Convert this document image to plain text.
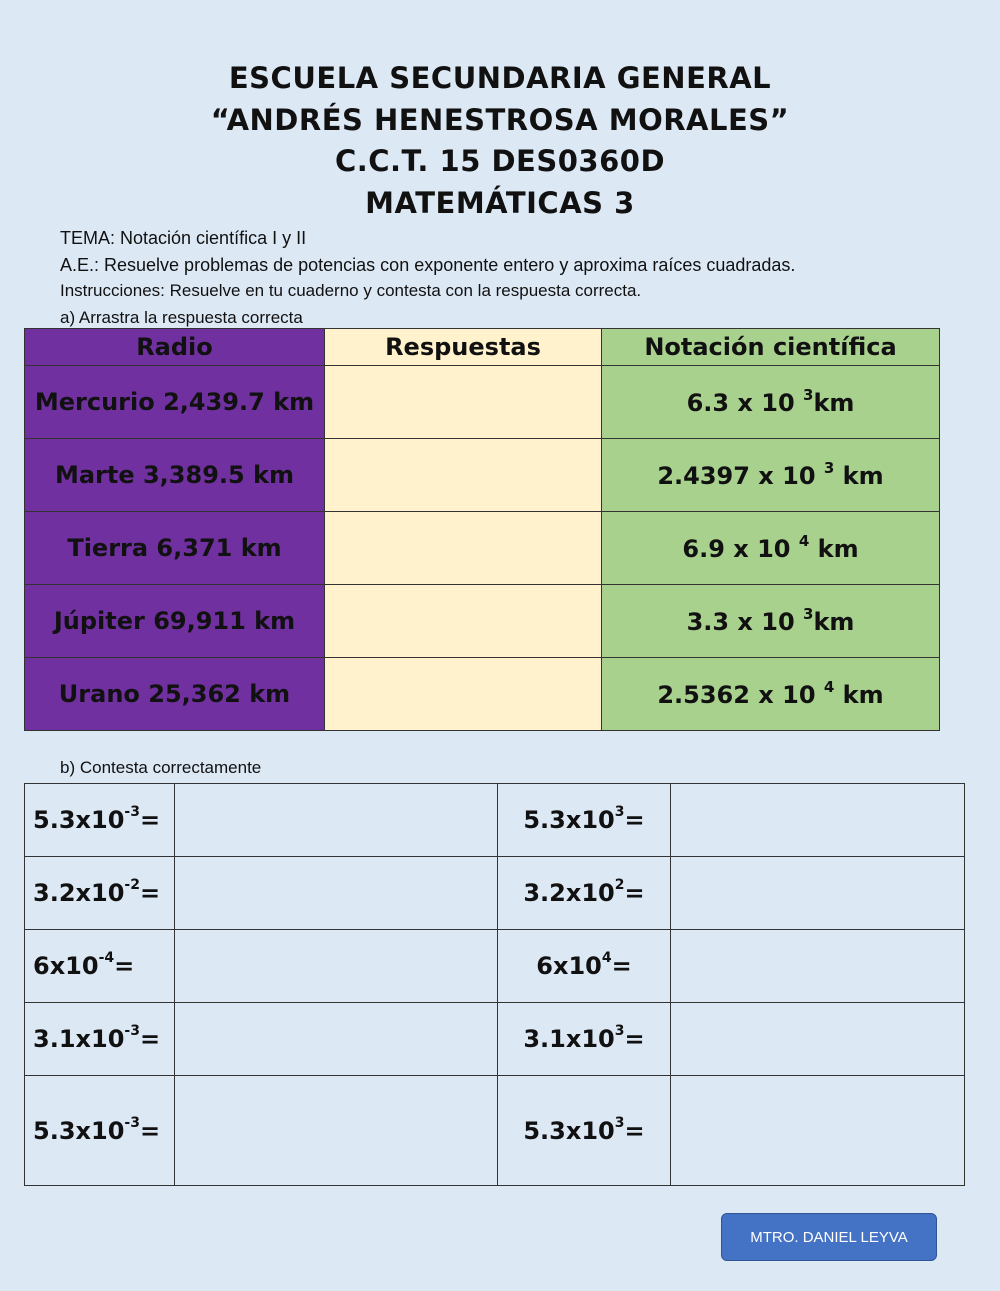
ESCUELA SECUNDARIA GENERAL
“ANDRÉS HENESTROSA MORALES”
C.C.T. 15 DES0360D
MATEMÁTICAS 3
TEMA: Notación científica I y II
A.E.: Resuelve problemas de potencias con exponente entero y aproxima raíces cuadradas.
Instrucciones: Resuelve en tu cuaderno y contesta con la respuesta correcta.
a) Arrastra la respuesta correcta
Radio	Respuestas	Notación científica
Mercurio 2,439.7 km		6.3 x 10 $^3$km
Marte 3,389.5 km		2.4397 x 10 $^3$ km
Tierra 6,371 km		6.9 x 10 $^4$ km
Júpiter 69,911 km		3.3 x 10 $^3$km
Urano 25,362 km		2.5362 x 10 $^4$ km
b) Contesta correctamente
$5.3x10^{-3}=$		$5.3x10^3=$	
$3.2x10^{-2}=$		$3.2x10^2=$	
$6x10^{-4}=$		$6x10^4=$	
$3.1x10^{-3}=$		$3.1x10^3=$	
$5.3x10^{-3}=$		$5.3x10^3=$	
MTRO. DANIEL LEYVA
